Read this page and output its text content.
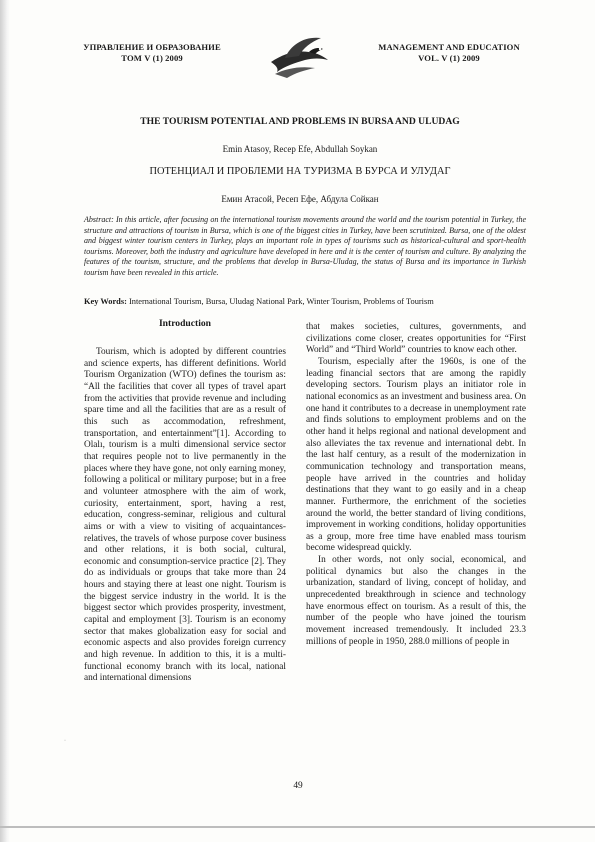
УПРАВЛЕНИЕ И ОБРАЗОВАНИЕ
ТОМ V (1) 2009
MANAGEMENT AND EDUCATION
VOL. V (1) 2009
THE TOURISM POTENTIAL AND PROBLEMS IN BURSA AND ULUDAG
Emin Atasoy, Recep Efe, Abdullah Soykan
ПОТЕНЦИАЛ И ПРОБЛЕМИ НА ТУРИЗМА В БУРСА И УЛУДАГ
Емин Атасой, Ресеп Ефе, Абдула Сойкан

Abstract: In this article, after focusing on the international tourism movements around the world and the tourism potential in Turkey, the structure and attractions of tourism in Bursa, which is one of the biggest cities in Turkey, have been scrutinized. Bursa, one of the oldest and biggest winter tourism centers in Turkey, plays an important role in types of tourisms such as historical-cultural and sport-health tourisms. Moreover, both the industry and agriculture have developed in here and it is the center of tourism and culture. By analyzing the features of the tourism, structure, and the problems that develop in Bursa-Uludag, the status of Bursa and its importance in Turkish tourism have been revealed in this article.

Key Words: International Tourism, Bursa, Uludag National Park, Winter Tourism, Problems of Tourism

Introduction

Tourism, which is adopted by different countries and science experts, has different definitions. World Tourism Organization (WTO) defines the tourism as: “All the facilities that cover all types of travel apart from the activities that provide revenue and including spare time and all the facilities that are as a result of this such as accommodation, refreshment, transportation, and entertainment”[1]. According to Olalı, tourism is a multi dimensional service sector that requires people not to live permanently in the places where they have gone, not only earning money, following a political or military purpose; but in a free and volunteer atmosphere with the aim of work, curiosity, entertainment, sport, having a rest, education, congress-seminar, religious and cultural aims or with a view to visiting of acquaintances-relatives, the travels of whose purpose cover business and other relations, it is both social, cultural, economic and consumption-service practice [2]. They do as individuals or groups that take more than 24 hours and staying there at least one night. Tourism is the biggest service industry in the world. It is the biggest sector which provides prosperity, investment, capital and employment [3]. Tourism is an economy sector that makes globalization easy for social and economic aspects and also provides foreign currency and high revenue. In addition to this, it is a multi-functional economy branch with its local, national and international dimensions

that makes societies, cultures, governments, and civilizations come closer, creates opportunities for “First World” and “Third World” countries to know each other.

Tourism, especially after the 1960s, is one of the leading financial sectors that are among the rapidly developing sectors. Tourism plays an initiator role in national economics as an investment and business area. On one hand it contributes to a decrease in unemployment rate and finds solutions to employment problems and on the other hand it helps regional and national development and also alleviates the tax revenue and international debt. In the last half century, as a result of the modernization in communication technology and transportation means, people have arrived in the countries and holiday destinations that they want to go easily and in a cheap manner. Furthermore, the enrichment of the societies around the world, the better standard of living conditions, improvement in working conditions, holiday opportunities as a group, more free time have enabled mass tourism become widespread quickly.

In other words, not only social, economical, and political dynamics but also the changes in the urbanization, standard of living, concept of holiday, and unprecedented breakthrough in science and technology have enormous effect on tourism. As a result of this, the number of the people who have joined the tourism movement increased tremendously. It included 23.3 millions of people in 1950, 288.0 millions of people in

·
49
